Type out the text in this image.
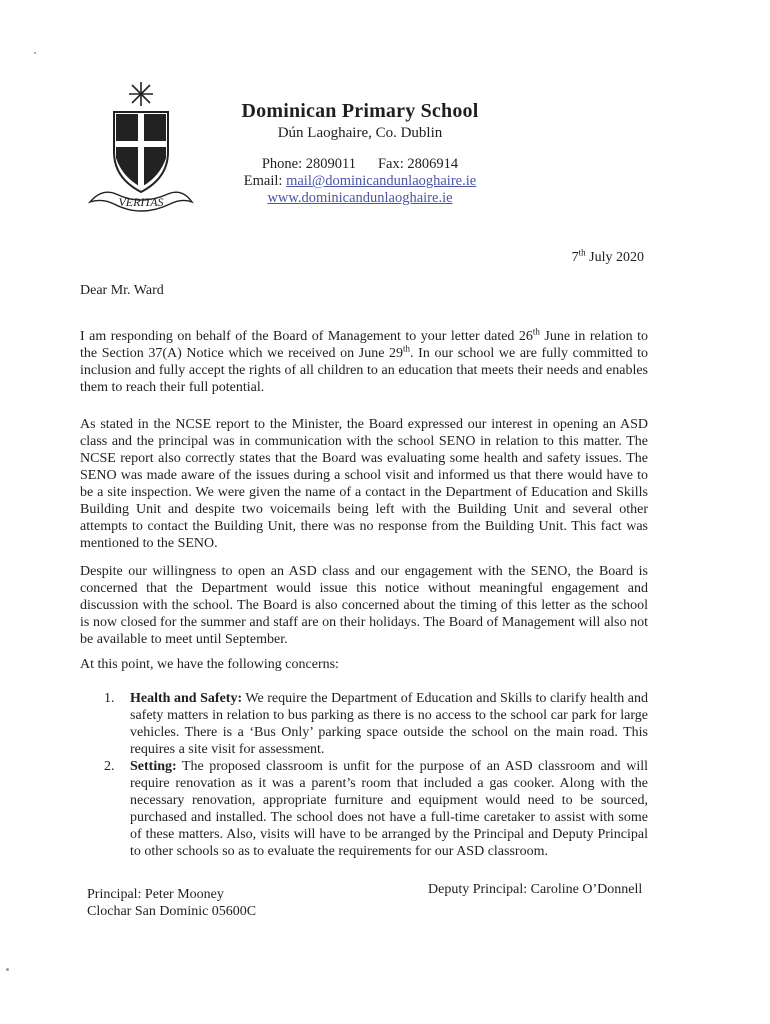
VERITAS
Dominican Primary School
Dún Laoghaire, Co. Dublin
Phone: 2809011 Fax: 2806914
Email: mail@dominicandunlaoghaire.ie
www.dominicandunlaoghaire.ie
7th July 2020
Dear Mr. Ward

I am responding on behalf of the Board of Management to your letter dated 26th June in relation to the Section 37(A) Notice which we received on June 29th. In our school we are fully committed to inclusion and fully accept the rights of all children to an education that meets their needs and enables them to reach their full potential.

As stated in the NCSE report to the Minister, the Board expressed our interest in opening an ASD class and the principal was in communication with the school SENO in relation to this matter. The NCSE report also correctly states that the Board was evaluating some health and safety issues. The SENO was made aware of the issues during a school visit and informed us that there would have to be a site inspection. We were given the name of a contact in the Department of Education and Skills Building Unit and despite two voicemails being left with the Building Unit and several other attempts to contact the Building Unit, there was no response from the Building Unit. This fact was mentioned to the SENO.

Despite our willingness to open an ASD class and our engagement with the SENO, the Board is concerned that the Department would issue this notice without meaningful engagement and discussion with the school. The Board is also concerned about the timing of this letter as the school is now closed for the summer and staff are on their holidays. The Board of Management will also not be available to meet until September.

At this point, we have the following concerns:

1. Health and Safety: We require the Department of Education and Skills to clarify health and safety matters in relation to bus parking as there is no access to the school car park for large vehicles. There is a ‘Bus Only’ parking space outside the school on the main road. This requires a site visit for assessment.
2. Setting: The proposed classroom is unfit for the purpose of an ASD classroom and will require renovation as it was a parent’s room that included a gas cooker. Along with the necessary renovation, appropriate furniture and equipment would need to be sourced, purchased and installed. The school does not have a full-time caretaker to assist with some of these matters. Also, visits will have to be arranged by the Principal and Deputy Principal to other schools so as to evaluate the requirements for our ASD classroom.
Principal: Peter Mooney
Clochar San Dominic 05600C
Deputy Principal: Caroline O’Donnell
